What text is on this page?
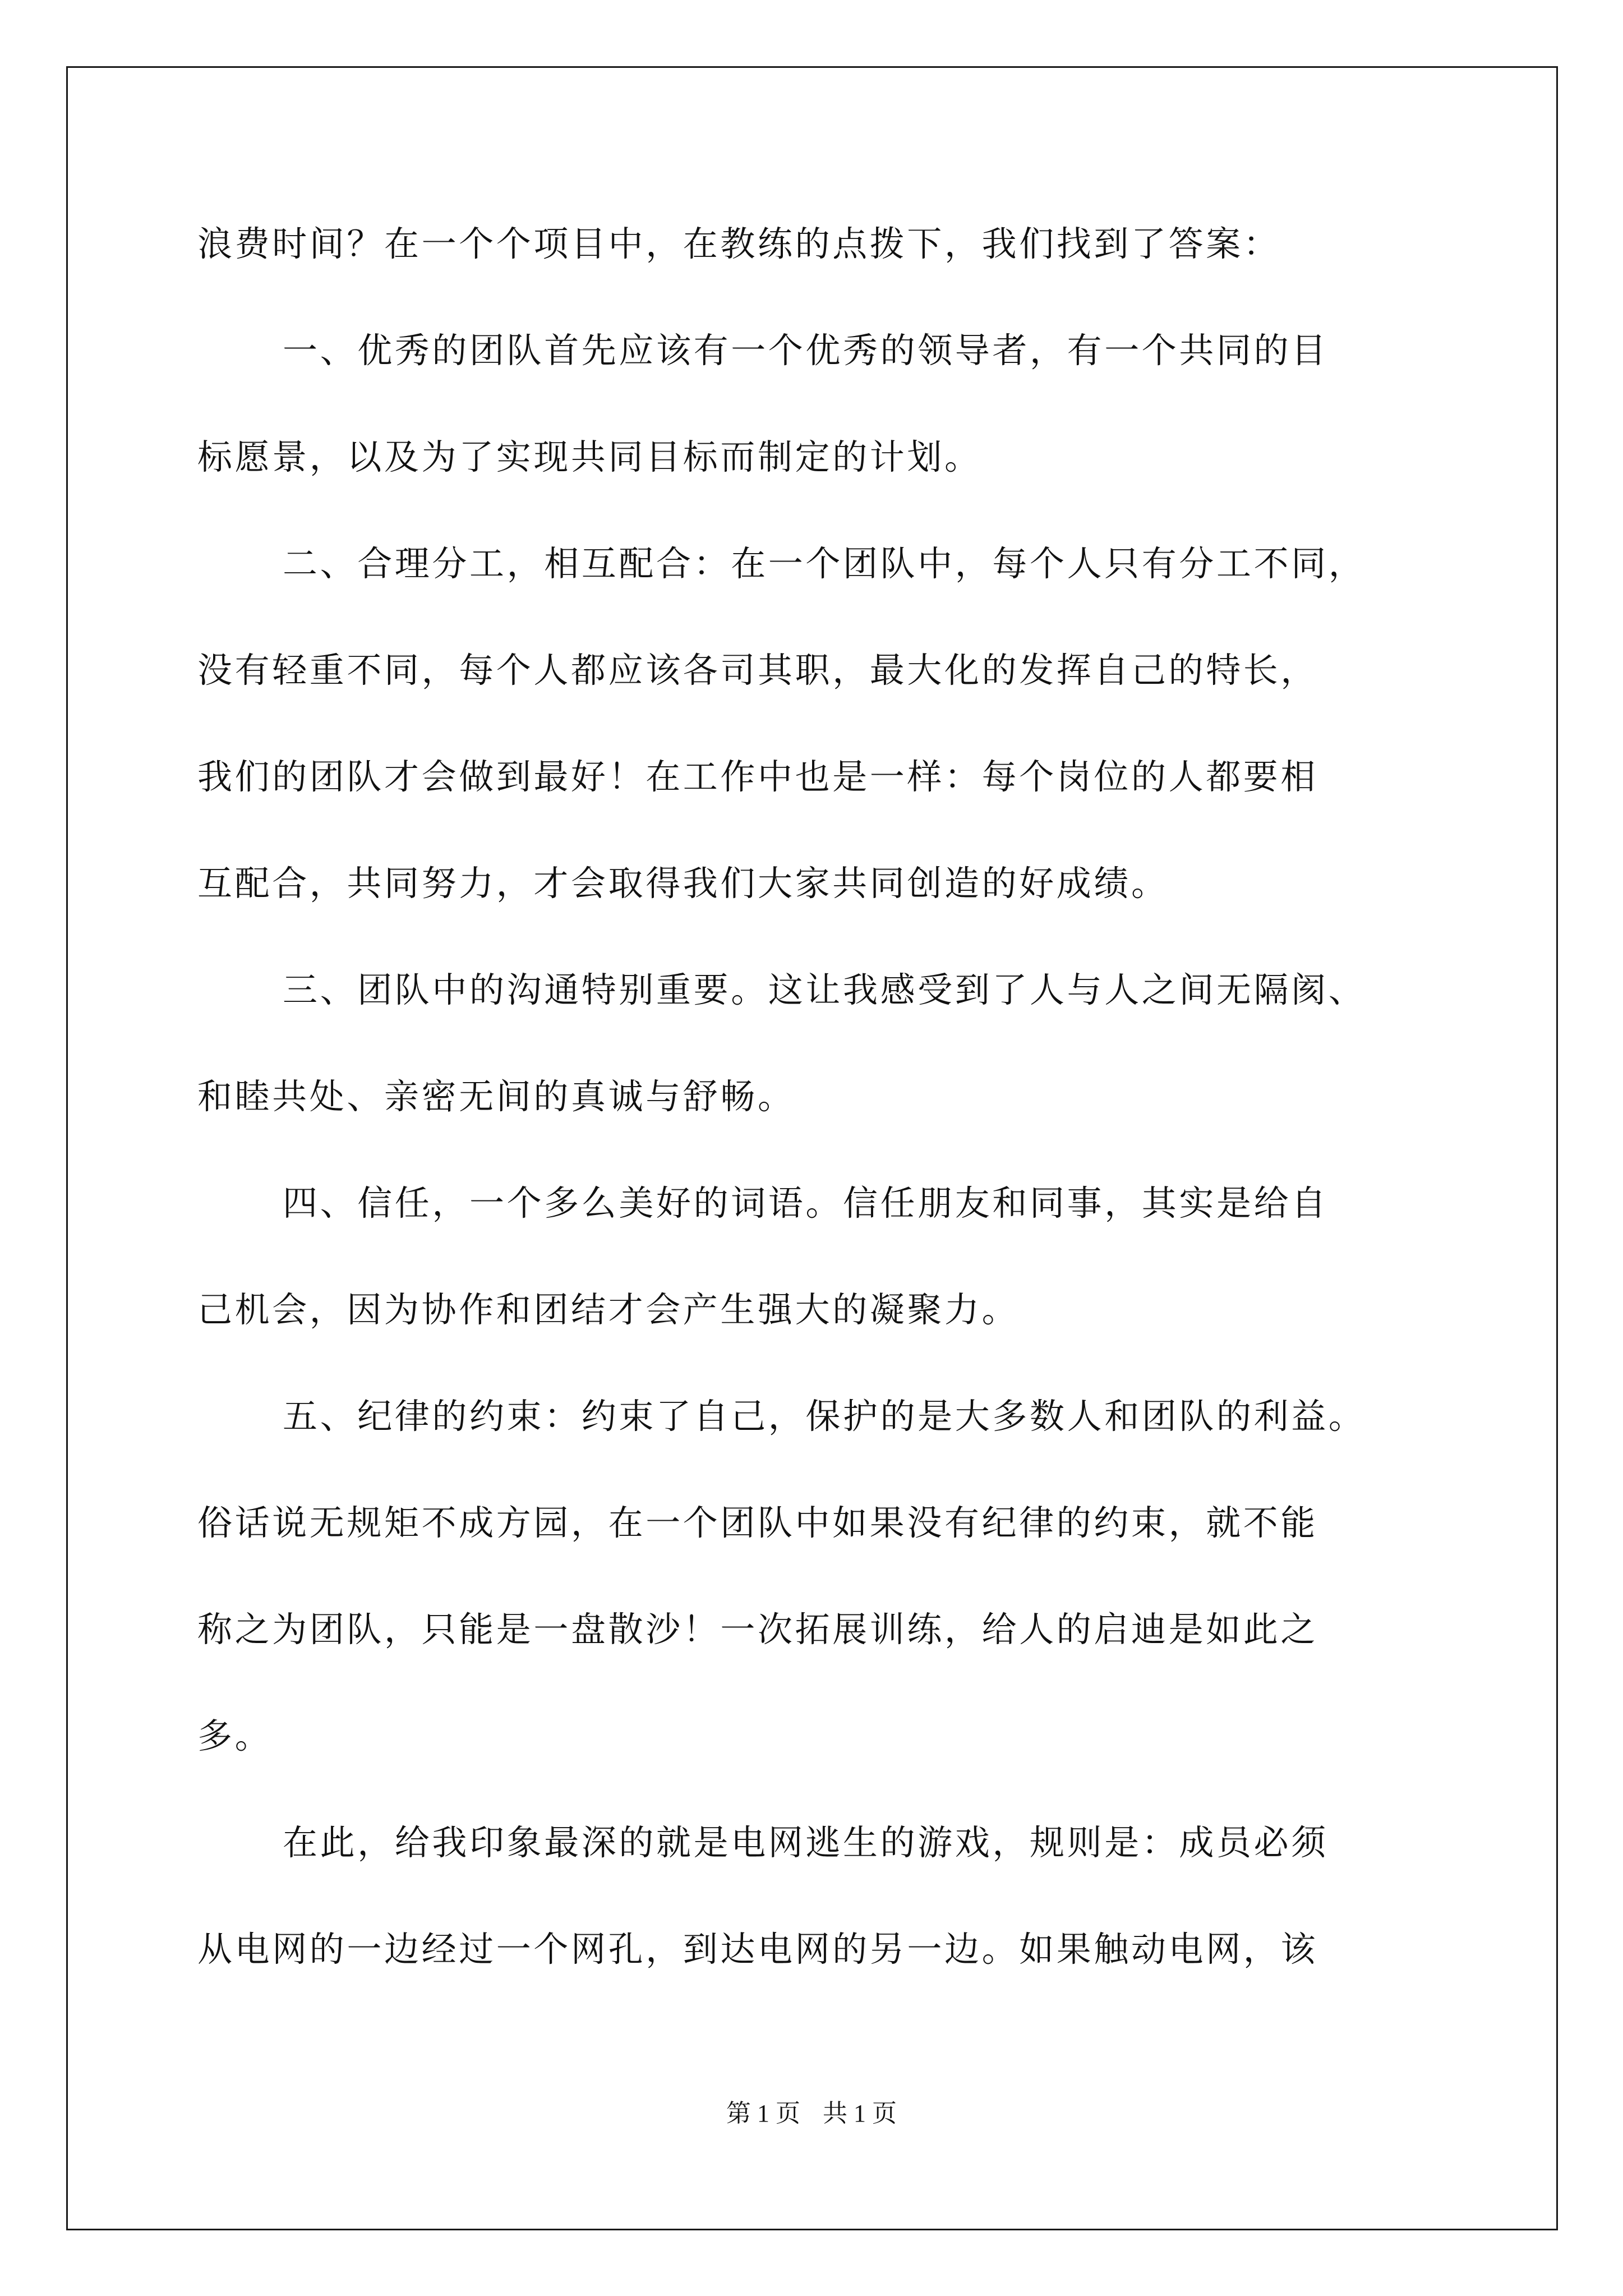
浪费时间？在一个个项目中，在教练的点拨下，我们找到了答案：
一、优秀的团队首先应该有一个优秀的领导者，有一个共同的目
标愿景，以及为了实现共同目标而制定的计划。
二、合理分工，相互配合：在一个团队中，每个人只有分工不同，
没有轻重不同，每个人都应该各司其职，最大化的发挥自己的特长，
我们的团队才会做到最好！在工作中也是一样：每个岗位的人都要相
互配合，共同努力，才会取得我们大家共同创造的好成绩。
三、团队中的沟通特别重要。这让我感受到了人与人之间无隔阂、
和睦共处、亲密无间的真诚与舒畅。
四、信任，一个多么美好的词语。信任朋友和同事，其实是给自
己机会，因为协作和团结才会产生强大的凝聚力。
五、纪律的约束：约束了自己，保护的是大多数人和团队的利益。
俗话说无规矩不成方园，在一个团队中如果没有纪律的约束，就不能
称之为团队，只能是一盘散沙！一次拓展训练，给人的启迪是如此之
多。
在此，给我印象最深的就是电网逃生的游戏，规则是：成员必须
从电网的一边经过一个网孔，到达电网的另一边。如果触动电网，该
第 1 页 共 1 页
